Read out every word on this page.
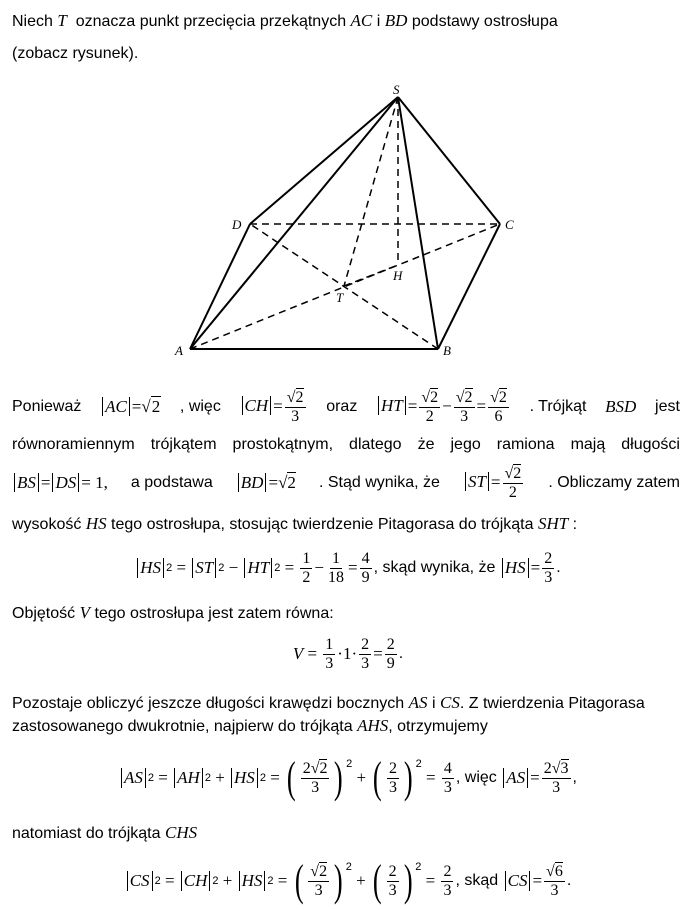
Niech T oznacza punkt przecięcia przekątnych AC i BD podstawy ostrosłupa
(zobacz rysunek).
S
D	C
H
T
A	B
Ponieważ AC =√2 , więc CH = $\frac{√2}{3}$ oraz HT = $\frac{√2}{2} - \frac{√2}{3} = \frac{√2}{6}$ . Trójkąt BSD jest
równoramiennym trójkątem prostokątnym, dlatego że jego ramiona mają długości
BS = DS = 1, a podstawa BD =√2 . Stąd wynika, że ST = $\frac{√2}{2}$ . Obliczamy zatem
wysokość HS tego ostrosłupa, stosując twierdzenie Pitagorasa do trójkąta SHT :
HS 2 = ST 2 − HT $2 = \frac{1}{2} - \frac{1}{18} = \frac{4}{9}$ , skąd wynika, że
HS = $\frac{2}{3}$ .
Objętość V tego ostrosłupa jest zatem równa:
$V = \frac{1}{3} \cdot 1\cdot \frac{2}{3} = \frac{2}{9}$ .
Pozostaje obliczyć jeszcze długości krawędzi bocznych AS i CS. Z twierdzenia Pitagorasa
zastosowanego dwukrotnie, najpierw do trójkąta AHS, otrzymujemy
AS 2 = AH 2 + HS 2 = ( $\frac{2√2}{3}$ ) $^2$
+ ( $\frac{2}{3}$ ) $^2$
= $\frac{4}{3}$ , więc
AS = $\frac{2√3}{3}$ ,
natomiast do trójkąta CHS
CS 2 = CH 2 + HS 2 = ( $\frac{√2}{3}$ ) $^2$
+ ( $\frac{2}{3}$ ) $^2$
= $\frac{2}{3}$ , skąd
CS = $\frac{√6}{3}$ .
